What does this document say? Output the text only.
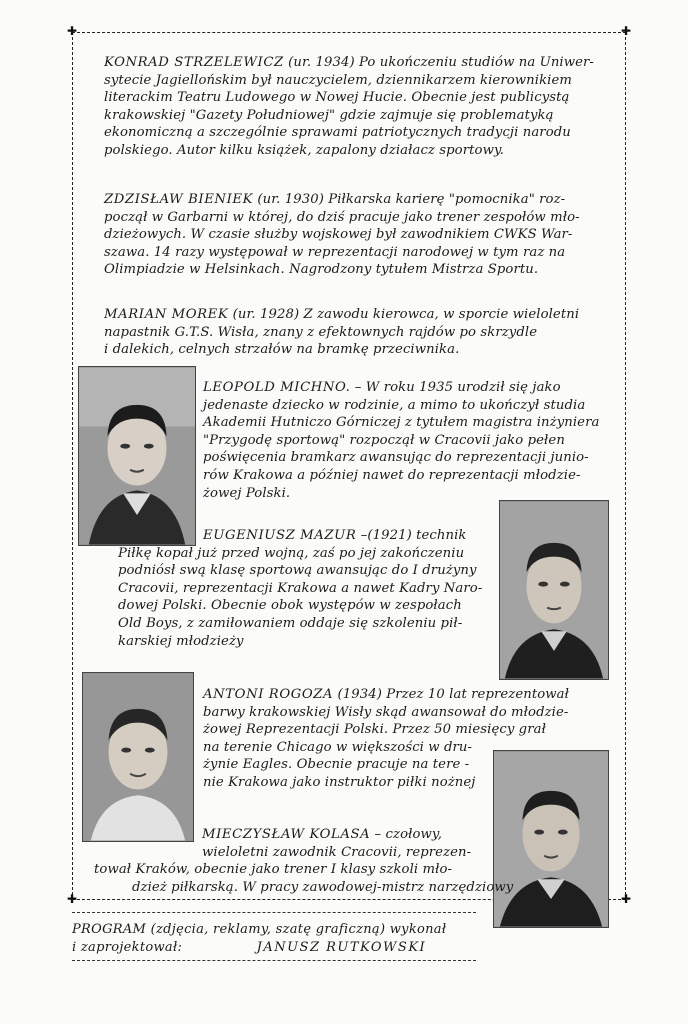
✚	✚
✚	✚
KONRAD STRZELEWICZ (ur. 1934) Po ukończeniu studiów na Uniwer-
sytecie Jagiellońskim był nauczycielem, dziennikarzem kierownikiem
literackim Teatru Ludowego w Nowej Hucie. Obecnie jest publicystą
krakowskiej "Gazety Południowej" gdzie zajmuje się problematyką
ekonomiczną a szczególnie sprawami patriotycznych tradycji narodu
polskiego. Autor kilku książek, zapalony działacz sportowy.
ZDZISŁAW BIENIEK (ur. 1930) Piłkarska karierę "pomocnika" roz-
począł w Garbarni w której, do dziś pracuje jako trener zespołów mło-
dzieżowych. W czasie służby wojskowej był zawodnikiem CWKS War-
szawa. 14 razy występował w reprezentacji narodowej w tym raz na
Olimpiadzie w Helsinkach. Nagrodzony tytułem Mistrza Sportu.
MARIAN MOREK (ur. 1928) Z zawodu kierowca, w sporcie wieloletni
napastnik G.T.S. Wisła, znany z efektownych rajdów po skrzydle
i dalekich, celnych strzałów na bramkę przeciwnika.
LEOPOLD MICHNO. – W roku 1935 urodził się jako
jedenaste dziecko w rodzinie, a mimo to ukończył studia
Akademii Hutniczo Górniczej z tytułem magistra inżyniera
"Przygodę sportową" rozpoczął w Cracovii jako pełen
poświęcenia bramkarz awansując do reprezentacji junio-
rów Krakowa a później nawet do reprezentacji młodzie-
żowej Polski.
EUGENIUSZ MAZUR –(1921) technik
Piłkę kopał już przed wojną, zaś po jej zakończeniu
podniósł swą klasę sportową awansując do I drużyny
Cracovii, reprezentacji Krakowa a nawet Kadry Naro-
dowej Polski. Obecnie obok występów w zespołach
Old Boys, z zamiłowaniem oddaje się szkoleniu pił-
karskiej młodzieży
ANTONI ROGOZA (1934) Przez 10 lat reprezentował
barwy krakowskiej Wisły skąd awansował do młodzie-
żowej Reprezentacji Polski. Przez 50 miesięcy grał
na terenie Chicago w większości w dru-
żynie Eagles. Obecnie pracuje na tere -
nie Krakowa jako instruktor piłki nożnej
MIECZYSŁAW KOLASA – czołowy,
wieloletni zawodnik Cracovii, reprezen-
tował Kraków, obecnie jako trener I klasy szkoli mło-
dzież piłkarską. W pracy zawodowej-mistrz narzędziowy
PROGRAM (zdjęcia, reklamy, szatę graficzną) wykonał
i zaprojektował:	JANUSZ RUTKOWSKI
